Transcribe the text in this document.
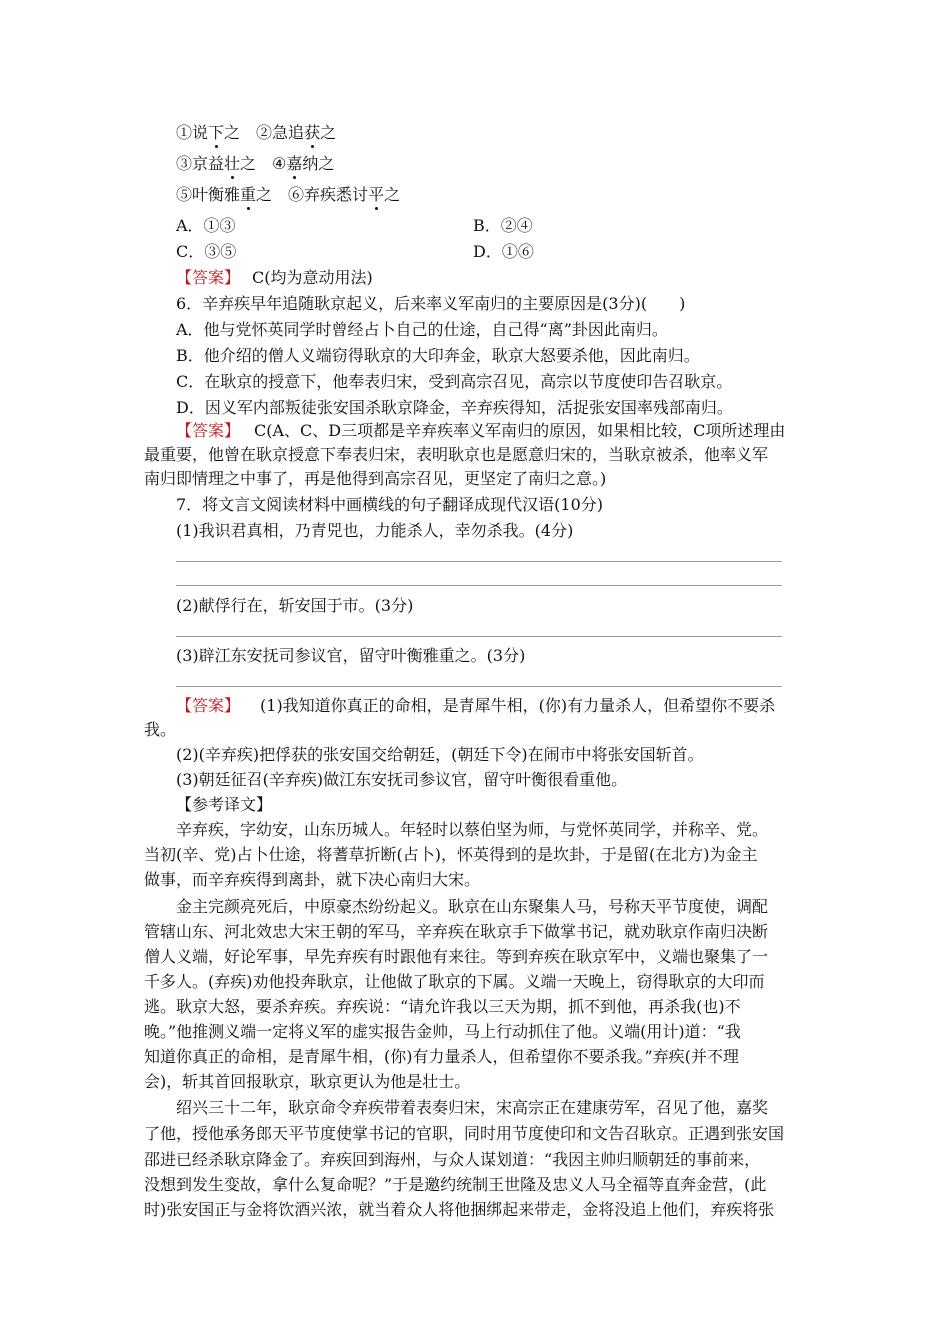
①说下之 ②急追获之
③京益壮之 ④嘉纳之
⑤叶衡雅重之 ⑥弃疾悉讨平之
A．①③	B．②④
C．③⑤	D．①⑥
【答案】 C(均为意动用法)
6．辛弃疾早年追随耿京起义，后来率义军南归的主要原因是(3分)(　　)
A．他与党怀英同学时曾经占卜自己的仕途，自己得“离”卦因此南归。
B．他介绍的僧人义端窃得耿京的大印奔金，耿京大怒要杀他，因此南归。
C．在耿京的授意下，他奉表归宋，受到高宗召见，高宗以节度使印告召耿京。
D．因义军内部叛徒张安国杀耿京降金，辛弃疾得知，活捉张安国率残部南归。
【答案】 C(A、C、D三项都是辛弃疾率义军南归的原因，如果相比较，C项所述理由
最重要，他曾在耿京授意下奉表归宋，表明耿京也是愿意归宋的，当耿京被杀，他率义军
南归即情理之中事了，再是他得到高宗召见，更坚定了南归之意。)
7．将文言文阅读材料中画横线的句子翻译成现代汉语(10分)
(1)我识君真相，乃青兕也，力能杀人，幸勿杀我。(4分)
(2)献俘行在，斩安国于市。(3分)
(3)辟江东安抚司参议官，留守叶衡雅重之。(3分)
【答案】 (1)我知道你真正的命相，是青犀牛相，(你)有力量杀人，但希望你不要杀
我。
(2)(辛弃疾)把俘获的张安国交给朝廷，(朝廷下令)在闹市中将张安国斩首。
(3)朝廷征召(辛弃疾)做江东安抚司参议官，留守叶衡很看重他。
【参考译文】
辛弃疾，字幼安，山东历城人。年轻时以蔡伯坚为师，与党怀英同学，并称辛、党。
当初(辛、党)占卜仕途，将蓍草折断(占卜)，怀英得到的是坎卦，于是留(在北方)为金主
做事，而辛弃疾得到离卦，就下决心南归大宋。
金主完颜亮死后，中原豪杰纷纷起义。耿京在山东聚集人马，号称天平节度使，调配
管辖山东、河北效忠大宋王朝的军马，辛弃疾在耿京手下做掌书记，就劝耿京作南归决断
僧人义端，好论军事，早先弃疾有时跟他有来往。等到弃疾在耿京军中，义端也聚集了一
千多人。(弃疾)劝他投奔耿京，让他做了耿京的下属。义端一天晚上，窃得耿京的大印而
逃。耿京大怒，要杀弃疾。弃疾说：“请允许我以三天为期，抓不到他，再杀我(也)不
晚。”他推测义端一定将义军的虚实报告金帅，马上行动抓住了他。义端(用计)道：“我
知道你真正的命相，是青犀牛相，(你)有力量杀人，但希望你不要杀我。”弃疾(并不理
会)，斩其首回报耿京，耿京更认为他是壮士。
绍兴三十二年，耿京命令弃疾带着表奏归宋，宋高宗正在建康劳军，召见了他，嘉奖
了他，授他承务郎天平节度使掌书记的官职，同时用节度使印和文告召耿京。正遇到张安国
邵进已经杀耿京降金了。弃疾回到海州，与众人谋划道：“我因主帅归顺朝廷的事前来，
没想到发生变故，拿什么复命呢？”于是邀约统制王世隆及忠义人马全福等直奔金营，(此
时)张安国正与金将饮酒兴浓，就当着众人将他捆绑起来带走，金将没追上他们，弃疾将张
